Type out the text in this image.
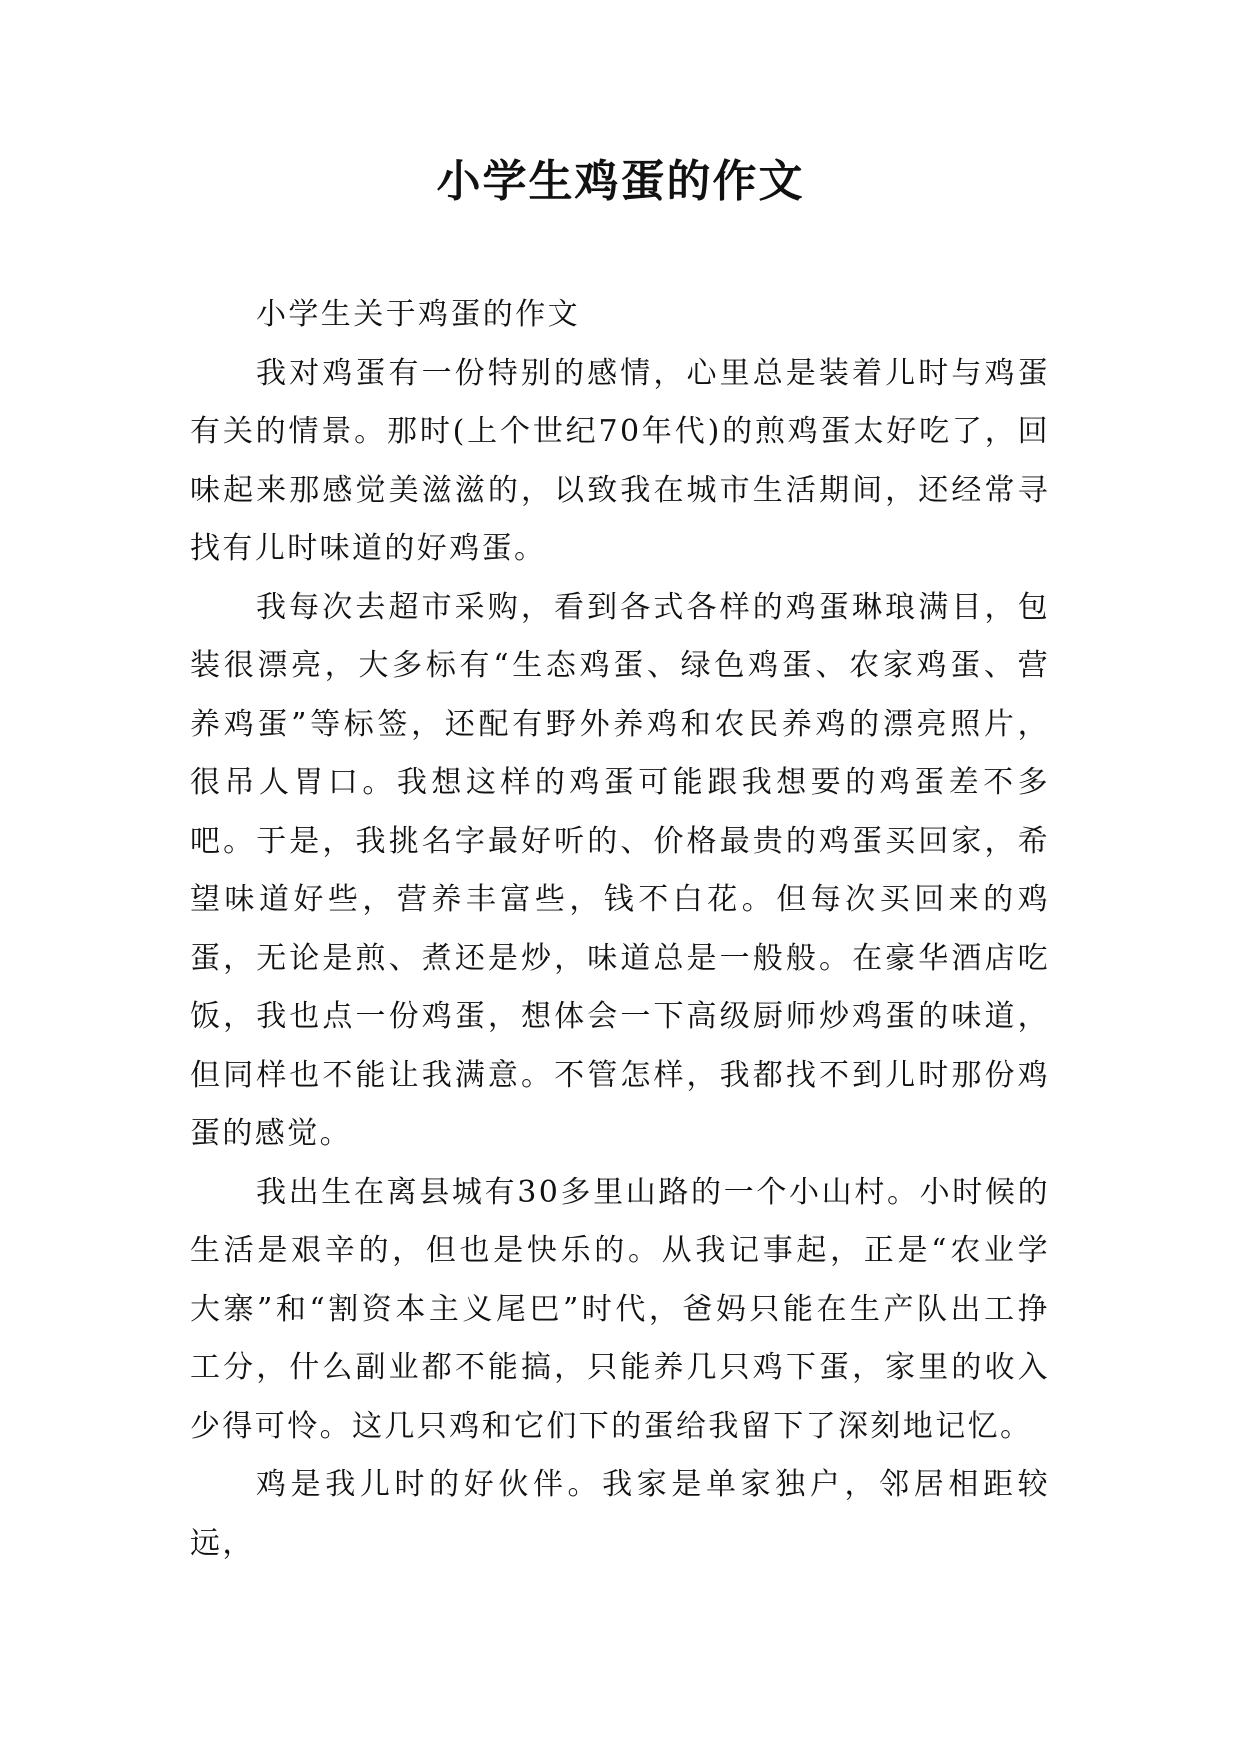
小学生鸡蛋的作文

小学生关于鸡蛋的作文

我对鸡蛋有一份特别的感情，心里总是装着儿时与鸡蛋有关的情景。那时(上个世纪70年代)的煎鸡蛋太好吃了，回味起来那感觉美滋滋的，以致我在城市生活期间，还经常寻找有儿时味道的好鸡蛋。

我每次去超市采购，看到各式各样的鸡蛋琳琅满目，包装很漂亮，大多标有“生态鸡蛋、绿色鸡蛋、农家鸡蛋、营养鸡蛋”等标签，还配有野外养鸡和农民养鸡的漂亮照片，很吊人胃口。我想这样的鸡蛋可能跟我想要的鸡蛋差不多吧。于是，我挑名字最好听的、价格最贵的鸡蛋买回家，希望味道好些，营养丰富些，钱不白花。但每次买回来的鸡蛋，无论是煎、煮还是炒，味道总是一般般。在豪华酒店吃饭，我也点一份鸡蛋，想体会一下高级厨师炒鸡蛋的味道，但同样也不能让我满意。不管怎样，我都找不到儿时那份鸡蛋的感觉。

我出生在离县城有30多里山路的一个小山村。小时候的生活是艰辛的，但也是快乐的。从我记事起，正是“农业学大寨”和“割资本主义尾巴”时代，爸妈只能在生产队出工挣工分，什么副业都不能搞，只能养几只鸡下蛋，家里的收入少得可怜。这几只鸡和它们下的蛋给我留下了深刻地记忆。

鸡是我儿时的好伙伴。我家是单家独户，邻居相距较远，
